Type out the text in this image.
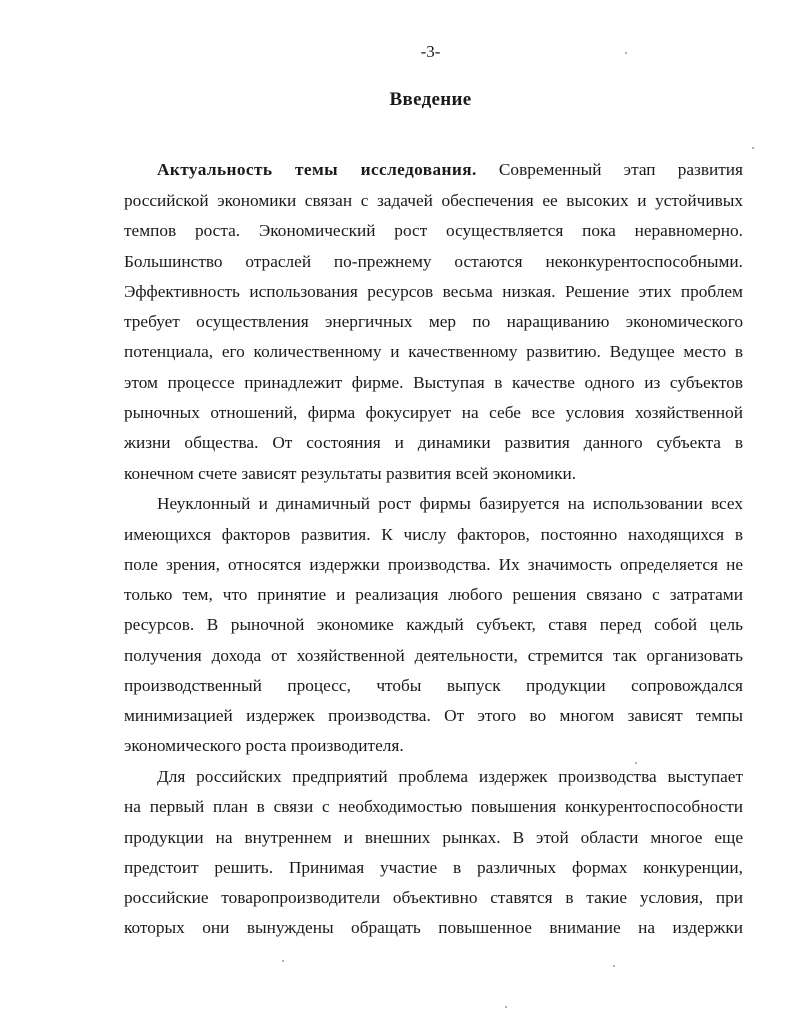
-3-
Введение
Актуальность темы исследования. Современный этап развития
российской экономики связан с задачей обеспечения ее высоких и устойчивых
темпов роста. Экономический рост осуществляется пока неравномерно.
Большинство отраслей по-прежнему остаются неконкурентоспособными.
Эффективность использования ресурсов весьма низкая. Решение этих проблем
требует осуществления энергичных мер по наращиванию экономического
потенциала, его количественному и качественному развитию. Ведущее место в
этом процессе принадлежит фирме. Выступая в качестве одного из субъектов
рыночных отношений, фирма фокусирует на себе все условия хозяйственной
жизни общества. От состояния и динамики развития данного субъекта в
конечном счете зависят результаты развития всей экономики.
Неуклонный и динамичный рост фирмы базируется на использовании всех
имеющихся факторов развития. К числу факторов, постоянно находящихся в
поле зрения, относятся издержки производства. Их значимость определяется не
только тем, что принятие и реализация любого решения связано с затратами
ресурсов. В рыночной экономике каждый субъект, ставя перед собой цель
получения дохода от хозяйственной деятельности, стремится так организовать
производственный процесс, чтобы выпуск продукции сопровождался
минимизацией издержек производства. От этого во многом зависят темпы
экономического роста производителя.
Для российских предприятий проблема издержек производства выступает
на первый план в связи с необходимостью повышения конкурентоспособности
продукции на внутреннем и внешних рынках. В этой области многое еще
предстоит решить. Принимая участие в различных формах конкуренции,
российские товаропроизводители объективно ставятся в такие условия, при
которых они вынуждены обращать повышенное внимание на издержки
